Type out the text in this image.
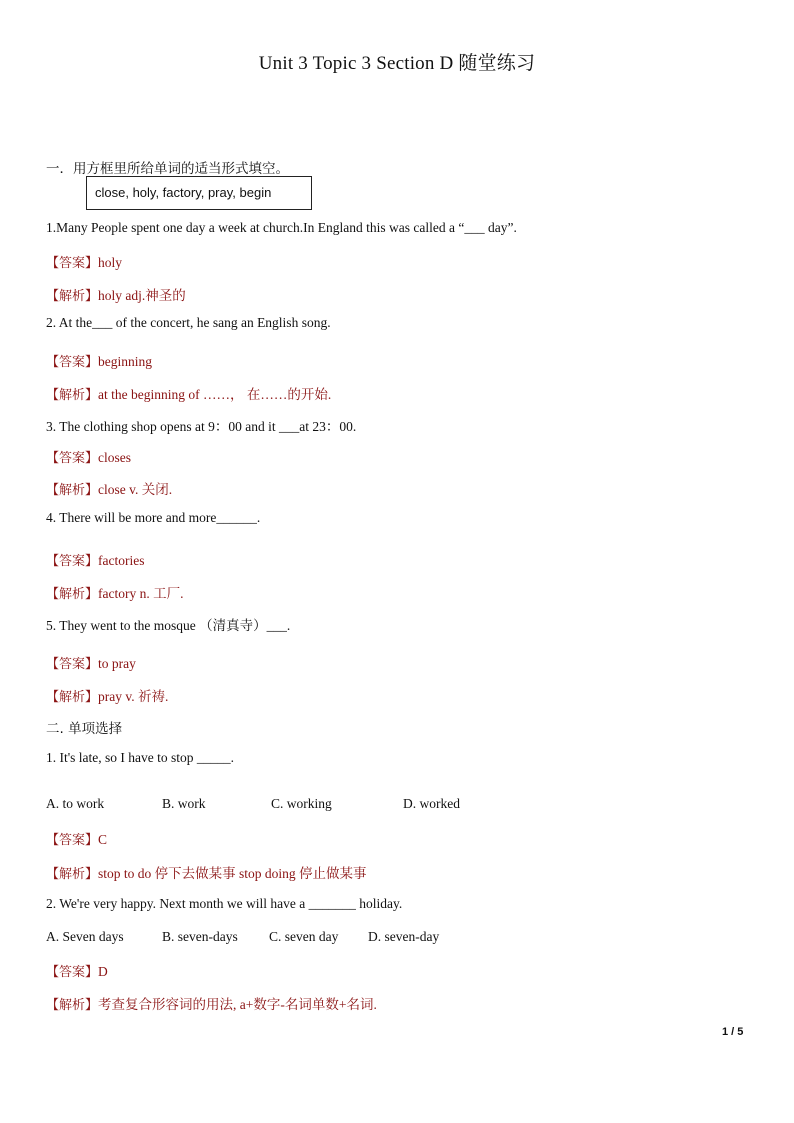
Unit 3 Topic 3 Section D 随堂练习
一．用方框里所给单词的适当形式填空。
close, holy, factory, pray, begin
1.Many People spent one day a week at church.In England this was called a “___ day”.
【答案】holy
【解析】holy adj.神圣的
2. At the___ of the concert, he sang an English song.
【答案】beginning
【解析】at the beginning of ……， 在……的开始.
3. The clothing shop opens at 9：00 and it ___at 23：00.
【答案】closes
【解析】close v. 关闭.
4. There will be more and more______.
【答案】factories
【解析】factory n. 工厂.
5. They went to the mosque （清真寺）___.
【答案】to pray
【解析】pray v. 祈祷.
二. 单项选择
1. It's late, so I have to stop _____.
A. to work	B. work	C. working	D. worked
【答案】C
【解析】stop to do 停下去做某事 stop doing 停止做某事
2. We're very happy. Next month we will have a _______ holiday.
A. Seven days	B. seven-days C. seven day D. seven-day
【答案】D
【解析】考查复合形容词的用法, a+数字-名词单数+名词.
1 / 5
